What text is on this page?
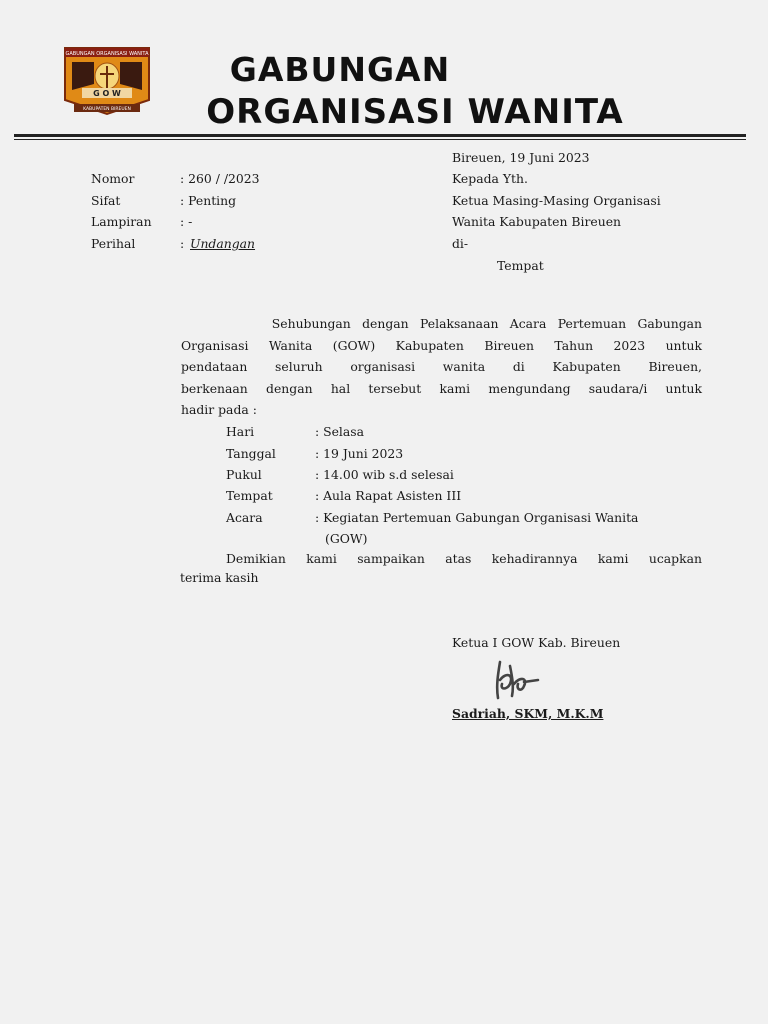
GABUNGAN ORGANISASI WANITA
G O W
KABUPATEN BIREUEN
GABUNGAN
ORGANISASI WANITA
Nomor	: 260 / /2023
Sifat	: Penting
Lampiran : -
Perihal	: Undangan
Bireuen, 19 Juni 2023
Kepada Yth.
Ketua Masing-Masing Organisasi
Wanita Kabupaten Bireuen
di-
Tempat
Sehubungan dengan Pelaksanaan Acara Pertemuan Gabungan
Organisasi Wanita (GOW) Kabupaten Bireuen Tahun 2023 untuk
pendataan seluruh organisasi wanita di Kabupaten Bireuen,
berkenaan dengan hal tersebut kami mengundang saudara/i untuk
hadir pada :
Hari	: Selasa
Tanggal	: 19 Juni 2023
Pukul	: 14.00 wib s.d selesai
Tempat	: Aula Rapat Asisten III
Acara	: Kegiatan Pertemuan Gabungan Organisasi Wanita
(GOW)
Demikian kami sampaikan atas kehadirannya kami ucapkan
terima kasih
Ketua I GOW Kab. Bireuen
Sadriah, SKM, M.K.M
